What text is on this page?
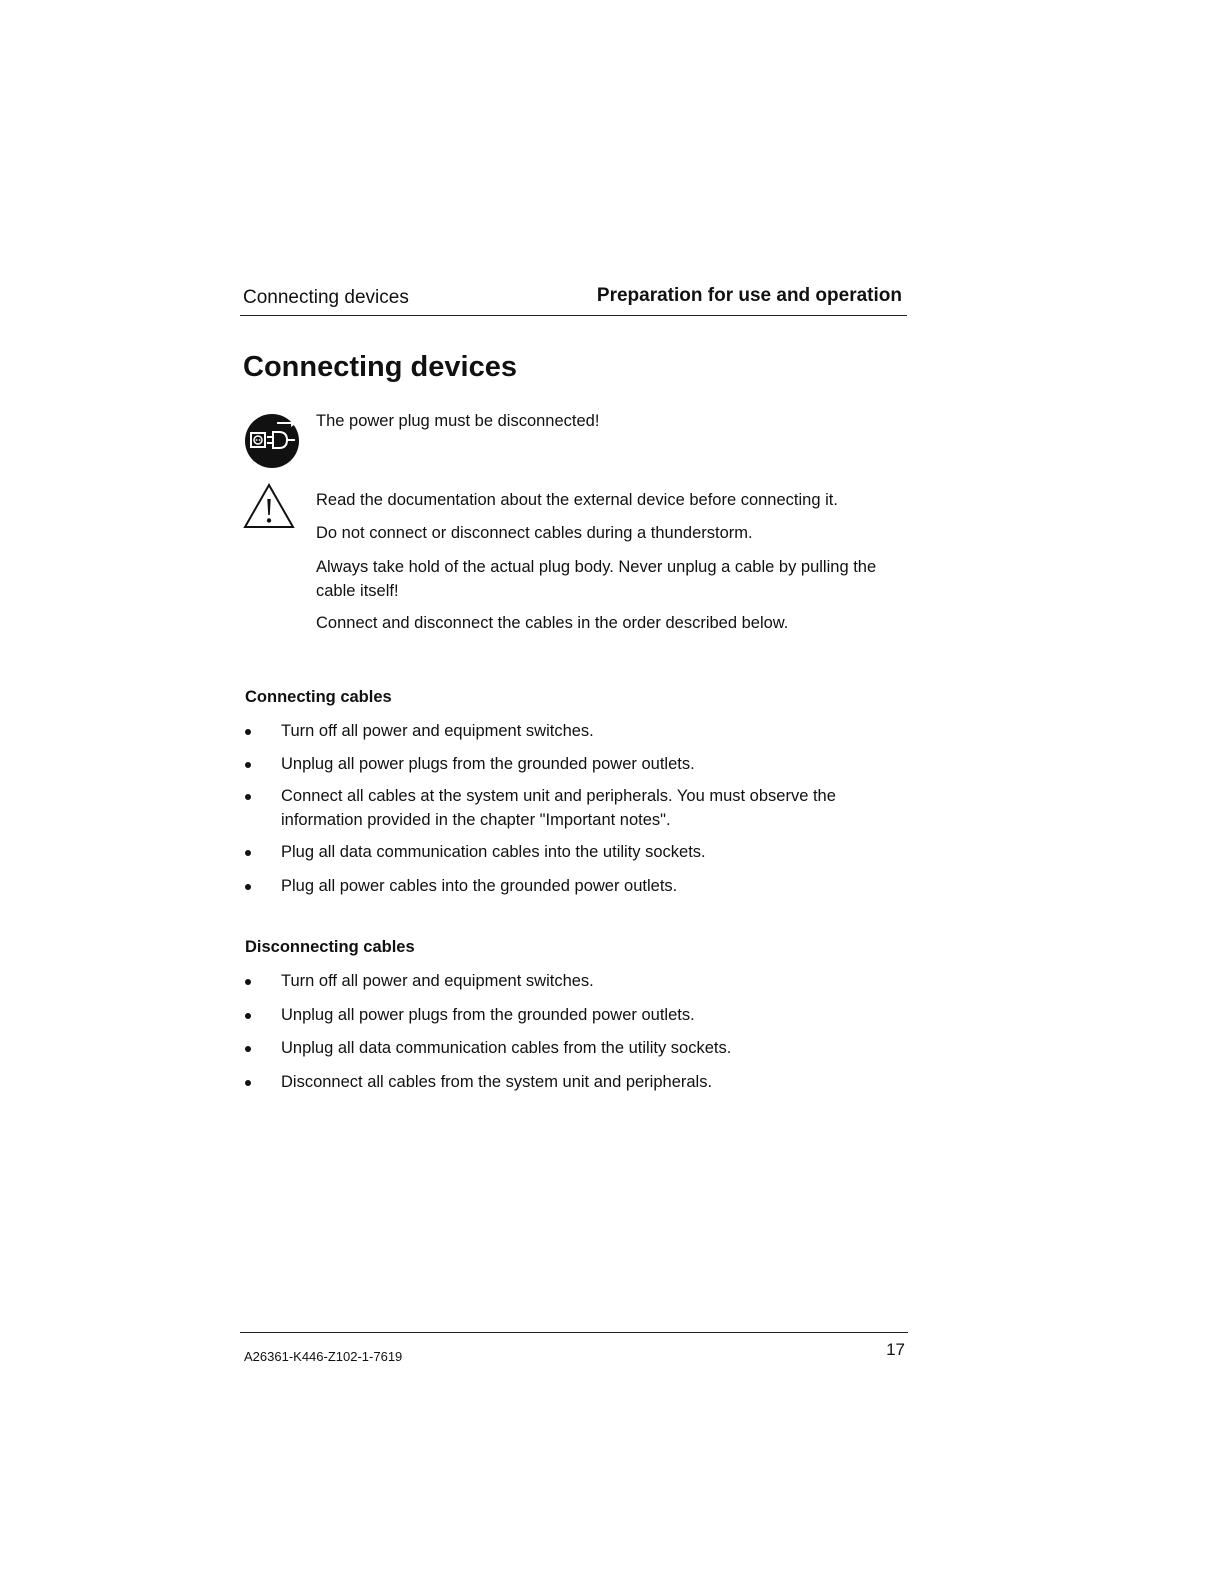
Connecting devices	Preparation for use and operation
Connecting devices

The power plug must be disconnected!

Read the documentation about the external device before connecting it.

Do not connect or disconnect cables during a thunderstorm.

Always take hold of the actual plug body. Never unplug a cable by pulling the cable itself!

Connect and disconnect the cables in the order described below.

Connecting cables
Turn off all power and equipment switches.
Unplug all power plugs from the grounded power outlets.
Connect all cables at the system unit and peripherals. You must observe the information provided in the chapter "Important notes".
Plug all data communication cables into the utility sockets.
Plug all power cables into the grounded power outlets.
Disconnecting cables
Turn off all power and equipment switches.
Unplug all power plugs from the grounded power outlets.
Unplug all data communication cables from the utility sockets.
Disconnect all cables from the system unit and peripherals.
A26361-K446-Z102-1-7619	17
